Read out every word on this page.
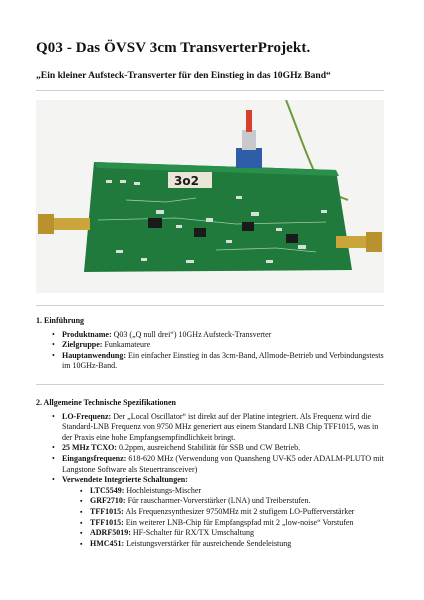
Q03 - Das ÖVSV 3cm TransverterProjekt.

„Ein kleiner Aufsteck-Transverter für den Einstieg in das 10GHz Band“

3o2
1. Einführung
• Produktname: Q03 („Q null drei“) 10GHz Aufsteck-Transverter
• Zielgruppe: Funkamateure
• Hauptanwendung: Ein einfacher Einstieg in das 3cm-Band, Allmode-Betrieb und Verbindungstests im 10GHz-Band.
2. Allgemeine Technische Spezifikationen
• LO-Frequenz: Der „Local Oscillator“ ist direkt auf der Platine integriert. Als Frequenz wird die Standard-LNB Frequenz von 9750 MHz generiert aus einem Standard LNB Chip TFF1015, was in der Praxis eine hohe Empfangsempfindlichkeit bringt.
• 25 MHz TCXO: 0.2ppm, ausreichend Stabilität für SSB und CW Betrieb.
• Eingangsfrequenz: 618-620 MHz (Verwendung von Quansheng UV-K5 oder ADALM-PLUTO mit Langstone Software als Steuertransceiver)
• Verwendete Integrierte Schaltungen:
▪ LTC5549: Hochleistungs-Mischer
▪ GRF2710: Für rauscharmer-Vorverstärker (LNA) und Treiberstufen.
▪ TFF1015: Als Frequenzsynthesizer 9750MHz mit 2 stufigem LO-Pufferverstärker
▪ TFF1015: Ein weiterer LNB-Chip für Empfangspfad mit 2 „low-noise“ Vorstufen
▪ ADRF5019: HF-Schalter für RX/TX Umschaltung
▪ HMC451: Leistungsverstärker für ausreichende Sendeleistung
